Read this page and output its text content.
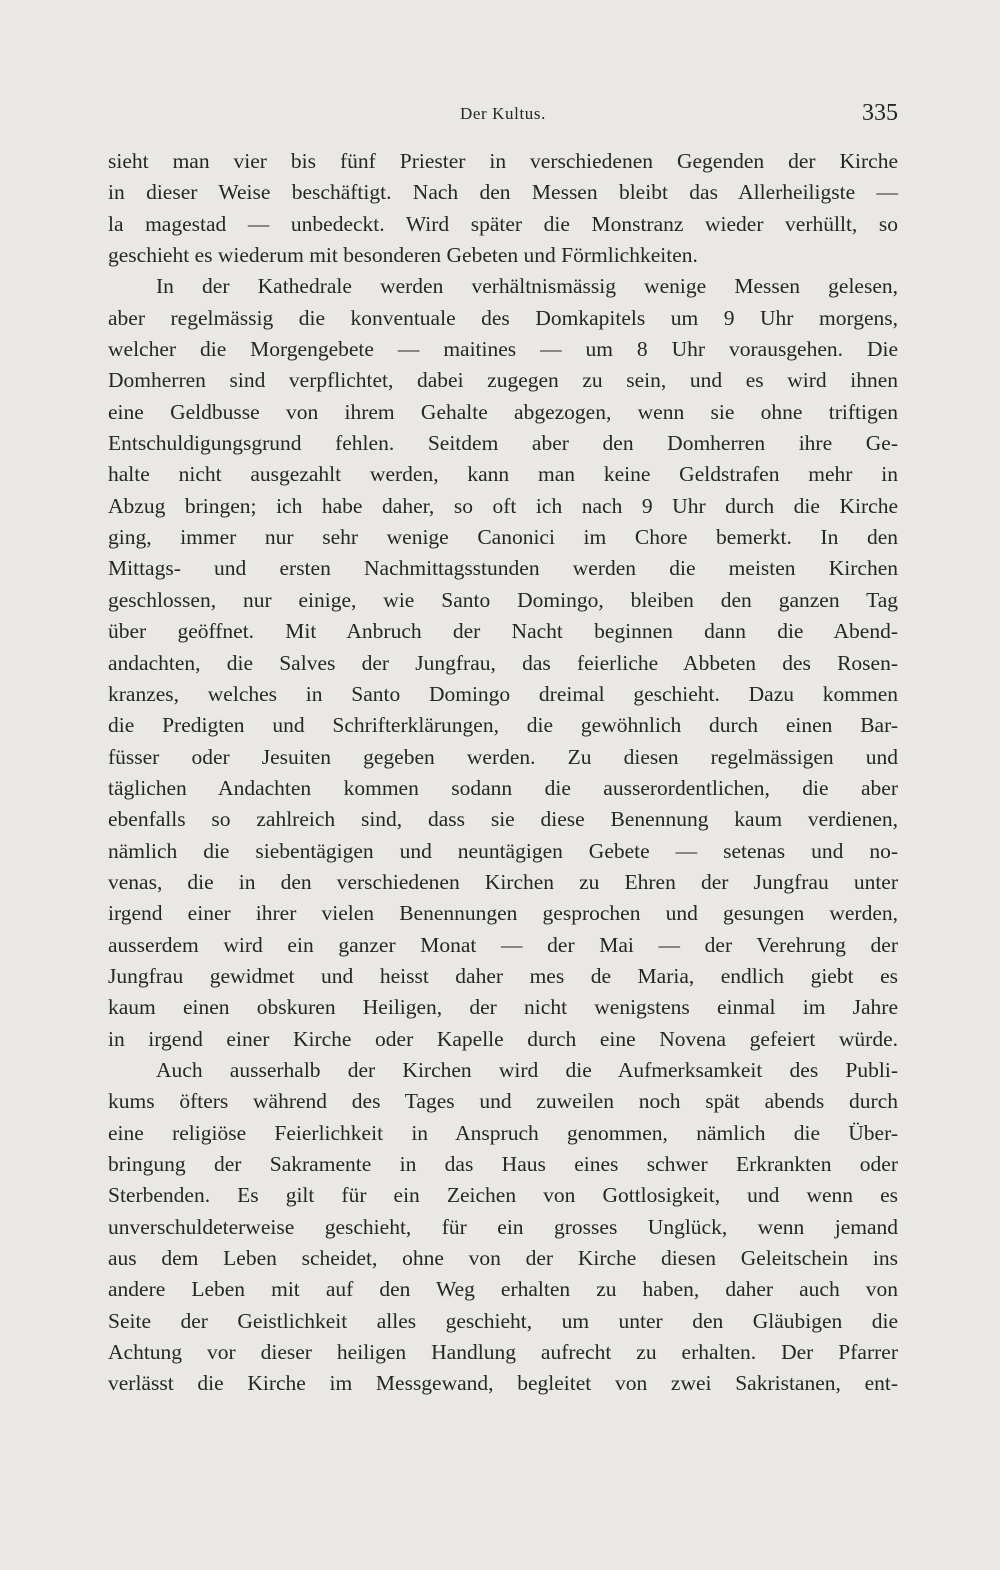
Der Kultus.	335
sieht man vier bis fünf Priester in verschiedenen Gegenden der Kirche
in dieser Weise beschäftigt. Nach den Messen bleibt das Allerheiligste —
la magestad — unbedeckt. Wird später die Monstranz wieder verhüllt, so
geschieht es wiederum mit besonderen Gebeten und Förmlichkeiten.
In der Kathedrale werden verhältnismässig wenige Messen gelesen,
aber regelmässig die konventuale des Domkapitels um 9 Uhr morgens,
welcher die Morgengebete — maitines — um 8 Uhr vorausgehen. Die
Domherren sind verpflichtet, dabei zugegen zu sein, und es wird ihnen
eine Geldbusse von ihrem Gehalte abgezogen, wenn sie ohne triftigen
Entschuldigungsgrund fehlen. Seitdem aber den Domherren ihre Ge-
halte nicht ausgezahlt werden, kann man keine Geldstrafen mehr in
Abzug bringen; ich habe daher, so oft ich nach 9 Uhr durch die Kirche
ging, immer nur sehr wenige Canonici im Chore bemerkt. In den
Mittags- und ersten Nachmittagsstunden werden die meisten Kirchen
geschlossen, nur einige, wie Santo Domingo, bleiben den ganzen Tag
über geöffnet. Mit Anbruch der Nacht beginnen dann die Abend-
andachten, die Salves der Jungfrau, das feierliche Abbeten des Rosen-
kranzes, welches in Santo Domingo dreimal geschieht. Dazu kommen
die Predigten und Schrifterklärungen, die gewöhnlich durch einen Bar-
füsser oder Jesuiten gegeben werden. Zu diesen regelmässigen und
täglichen Andachten kommen sodann die ausserordentlichen, die aber
ebenfalls so zahlreich sind, dass sie diese Benennung kaum verdienen,
nämlich die siebentägigen und neuntägigen Gebete — setenas und no-
venas, die in den verschiedenen Kirchen zu Ehren der Jungfrau unter
irgend einer ihrer vielen Benennungen gesprochen und gesungen werden,
ausserdem wird ein ganzer Monat — der Mai — der Verehrung der
Jungfrau gewidmet und heisst daher mes de Maria, endlich giebt es
kaum einen obskuren Heiligen, der nicht wenigstens einmal im Jahre
in irgend einer Kirche oder Kapelle durch eine Novena gefeiert würde.
Auch ausserhalb der Kirchen wird die Aufmerksamkeit des Publi-
kums öfters während des Tages und zuweilen noch spät abends durch
eine religiöse Feierlichkeit in Anspruch genommen, nämlich die Über-
bringung der Sakramente in das Haus eines schwer Erkrankten oder
Sterbenden. Es gilt für ein Zeichen von Gottlosigkeit, und wenn es
unverschuldeterweise geschieht, für ein grosses Unglück, wenn jemand
aus dem Leben scheidet, ohne von der Kirche diesen Geleitschein ins
andere Leben mit auf den Weg erhalten zu haben, daher auch von
Seite der Geistlichkeit alles geschieht, um unter den Gläubigen die
Achtung vor dieser heiligen Handlung aufrecht zu erhalten. Der Pfarrer
verlässt die Kirche im Messgewand, begleitet von zwei Sakristanen, ent-
